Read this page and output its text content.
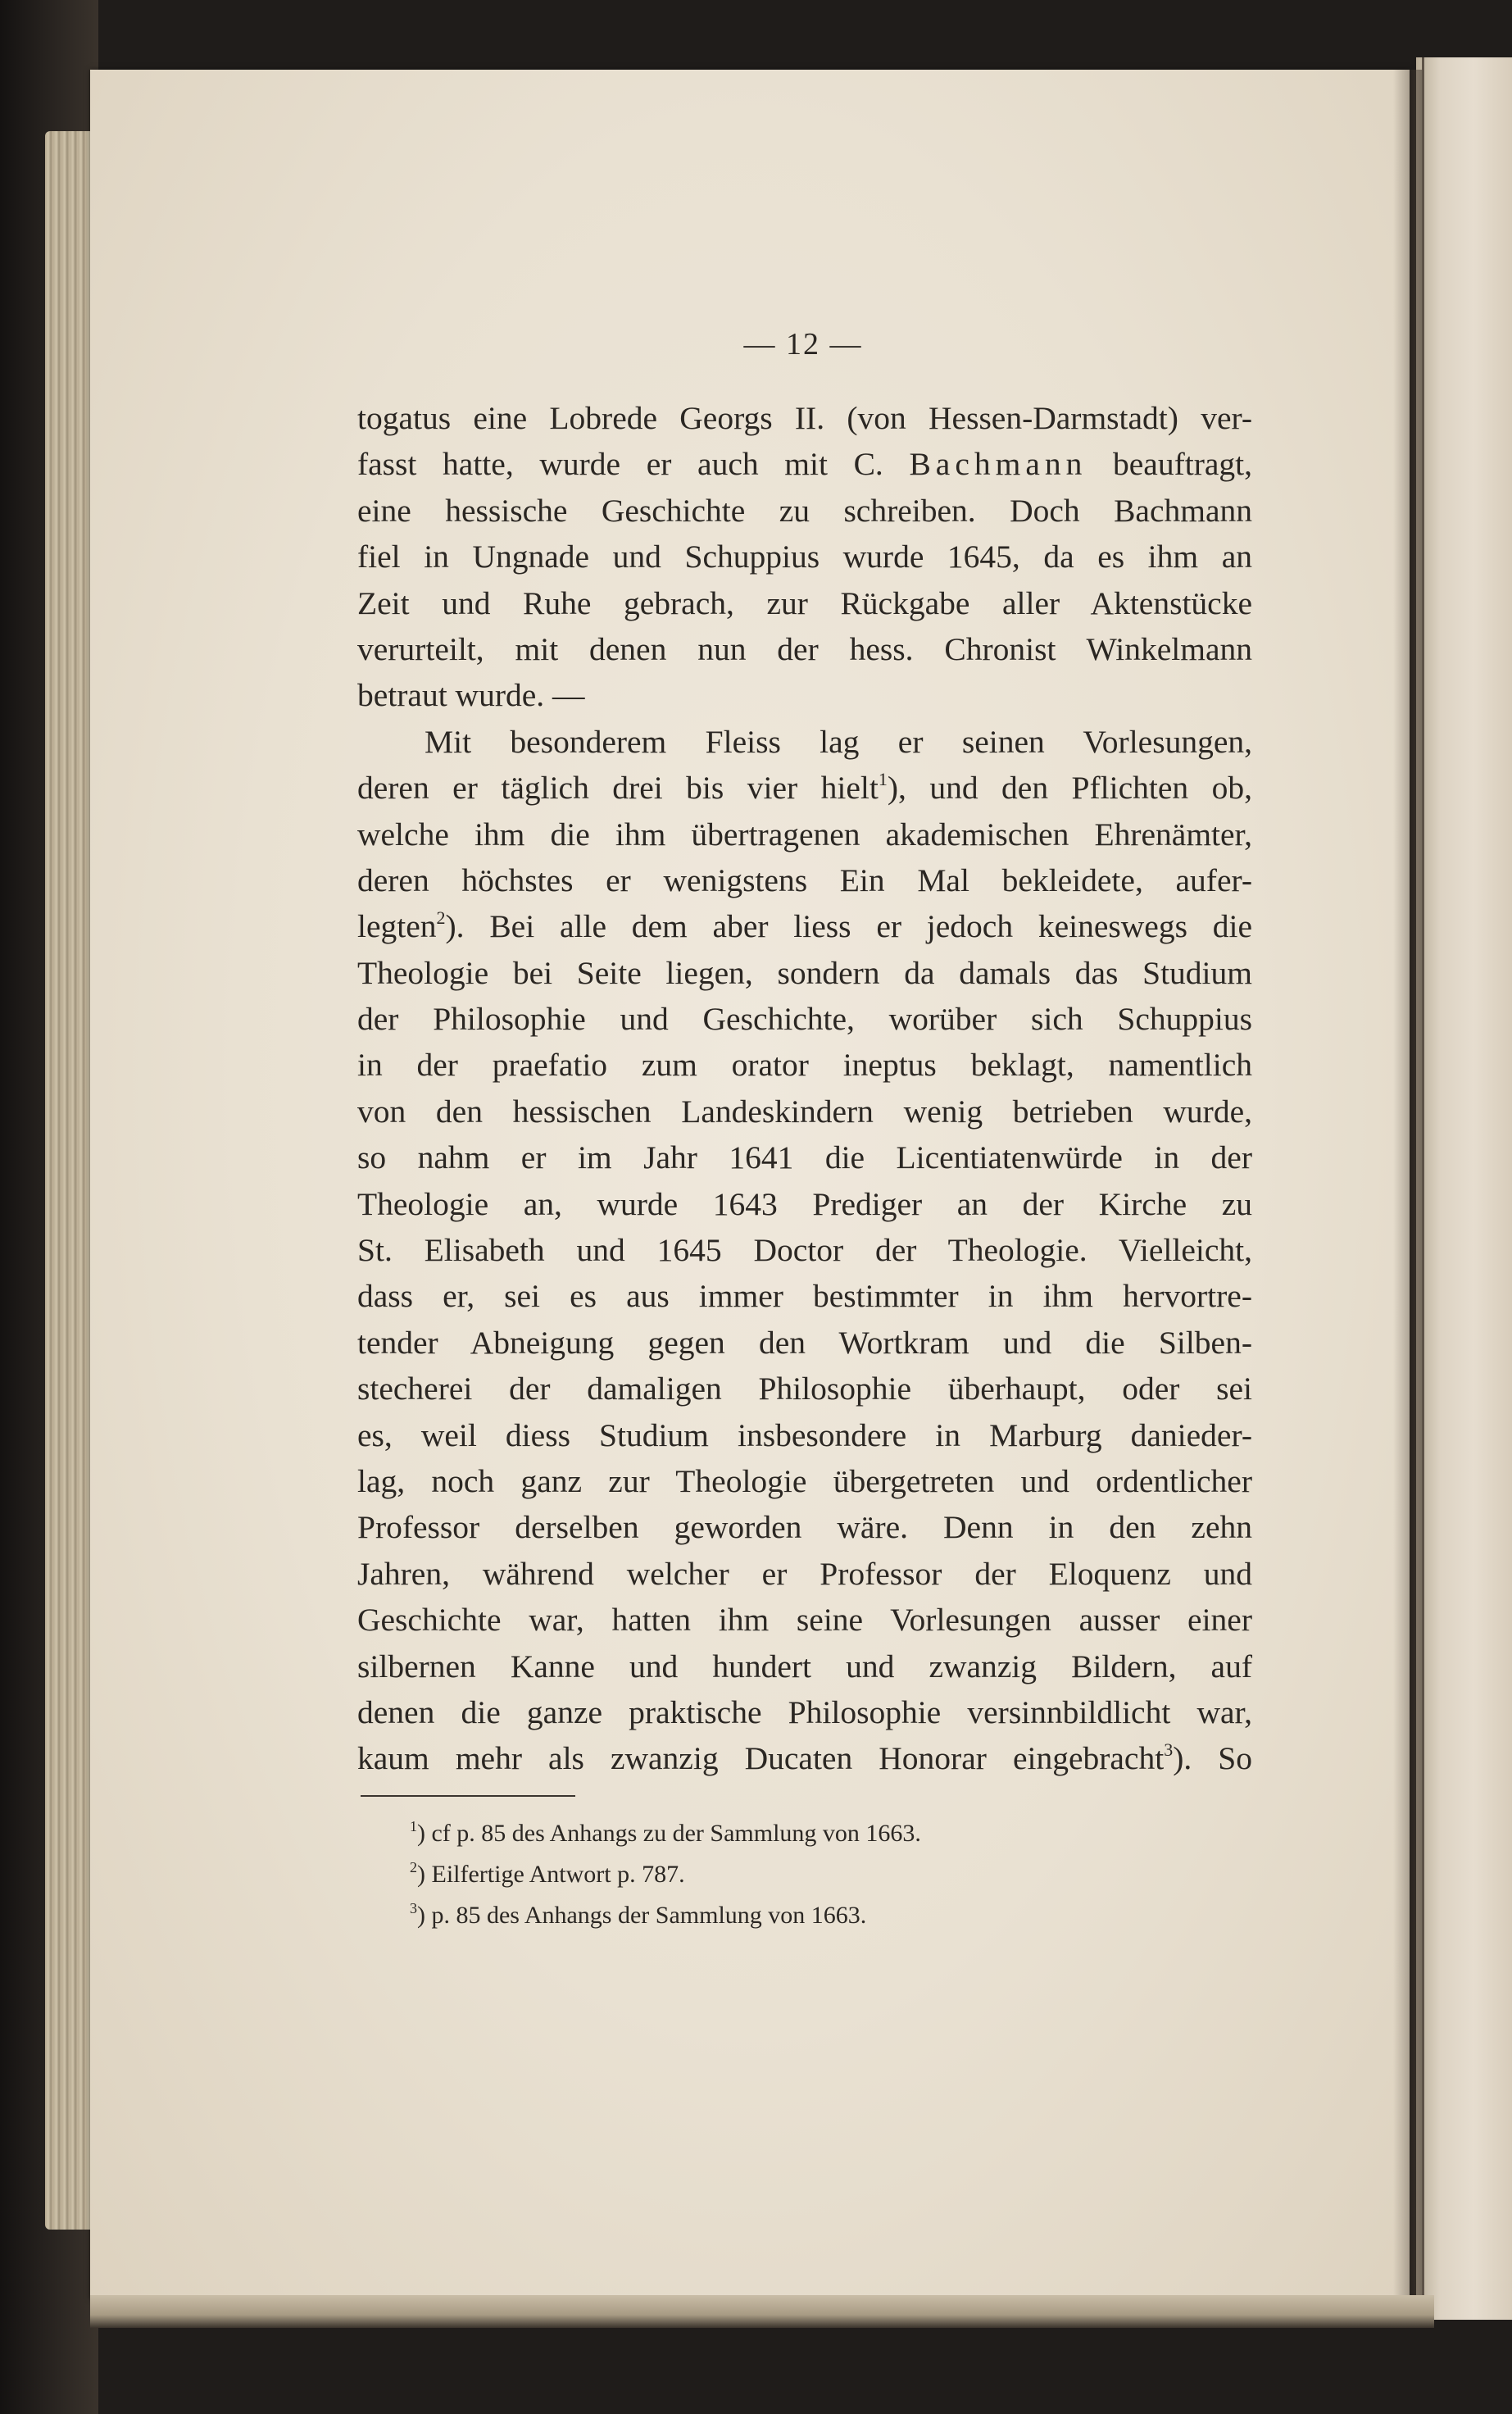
— 12 —
togatus eine Lobrede Georgs II. (von Hessen-Darmstadt) ver-
fasst hatte, wurde er auch mit C. Bachmann beauftragt,
eine hessische Geschichte zu schreiben. Doch Bachmann
fiel in Ungnade und Schuppius wurde 1645, da es ihm an
Zeit und Ruhe gebrach, zur Rückgabe aller Aktenstücke
verurteilt, mit denen nun der hess. Chronist Winkelmann
betraut wurde. —
Mit besonderem Fleiss lag er seinen Vorlesungen,
deren er täglich drei bis vier hielt$^1$), und den Pflichten ob,
welche ihm die ihm übertragenen akademischen Ehrenämter,
deren höchstes er wenigstens Ein Mal bekleidete, aufer-
legten$^2$). Bei alle dem aber liess er jedoch keineswegs die
Theologie bei Seite liegen, sondern da damals das Studium
der Philosophie und Geschichte, worüber sich Schuppius
in der praefatio zum orator ineptus beklagt, namentlich
von den hessischen Landeskindern wenig betrieben wurde,
so nahm er im Jahr 1641 die Licentiatenwürde in der
Theologie an, wurde 1643 Prediger an der Kirche zu
St. Elisabeth und 1645 Doctor der Theologie. Vielleicht,
dass er, sei es aus immer bestimmter in ihm hervortre-
tender Abneigung gegen den Wortkram und die Silben-
stecherei der damaligen Philosophie überhaupt, oder sei
es, weil diess Studium insbesondere in Marburg danieder-
lag, noch ganz zur Theologie übergetreten und ordentlicher
Professor derselben geworden wäre. Denn in den zehn
Jahren, während welcher er Professor der Eloquenz und
Geschichte war, hatten ihm seine Vorlesungen ausser einer
silbernen Kanne und hundert und zwanzig Bildern, auf
denen die ganze praktische Philosophie versinnbildlicht war,
kaum mehr als zwanzig Ducaten Honorar eingebracht$^3$). So
$^1$) cf p. 85 des Anhangs zu der Sammlung von 1663.
$^2$) Eilfertige Antwort p. 787.
$^3$) p. 85 des Anhangs der Sammlung von 1663.
